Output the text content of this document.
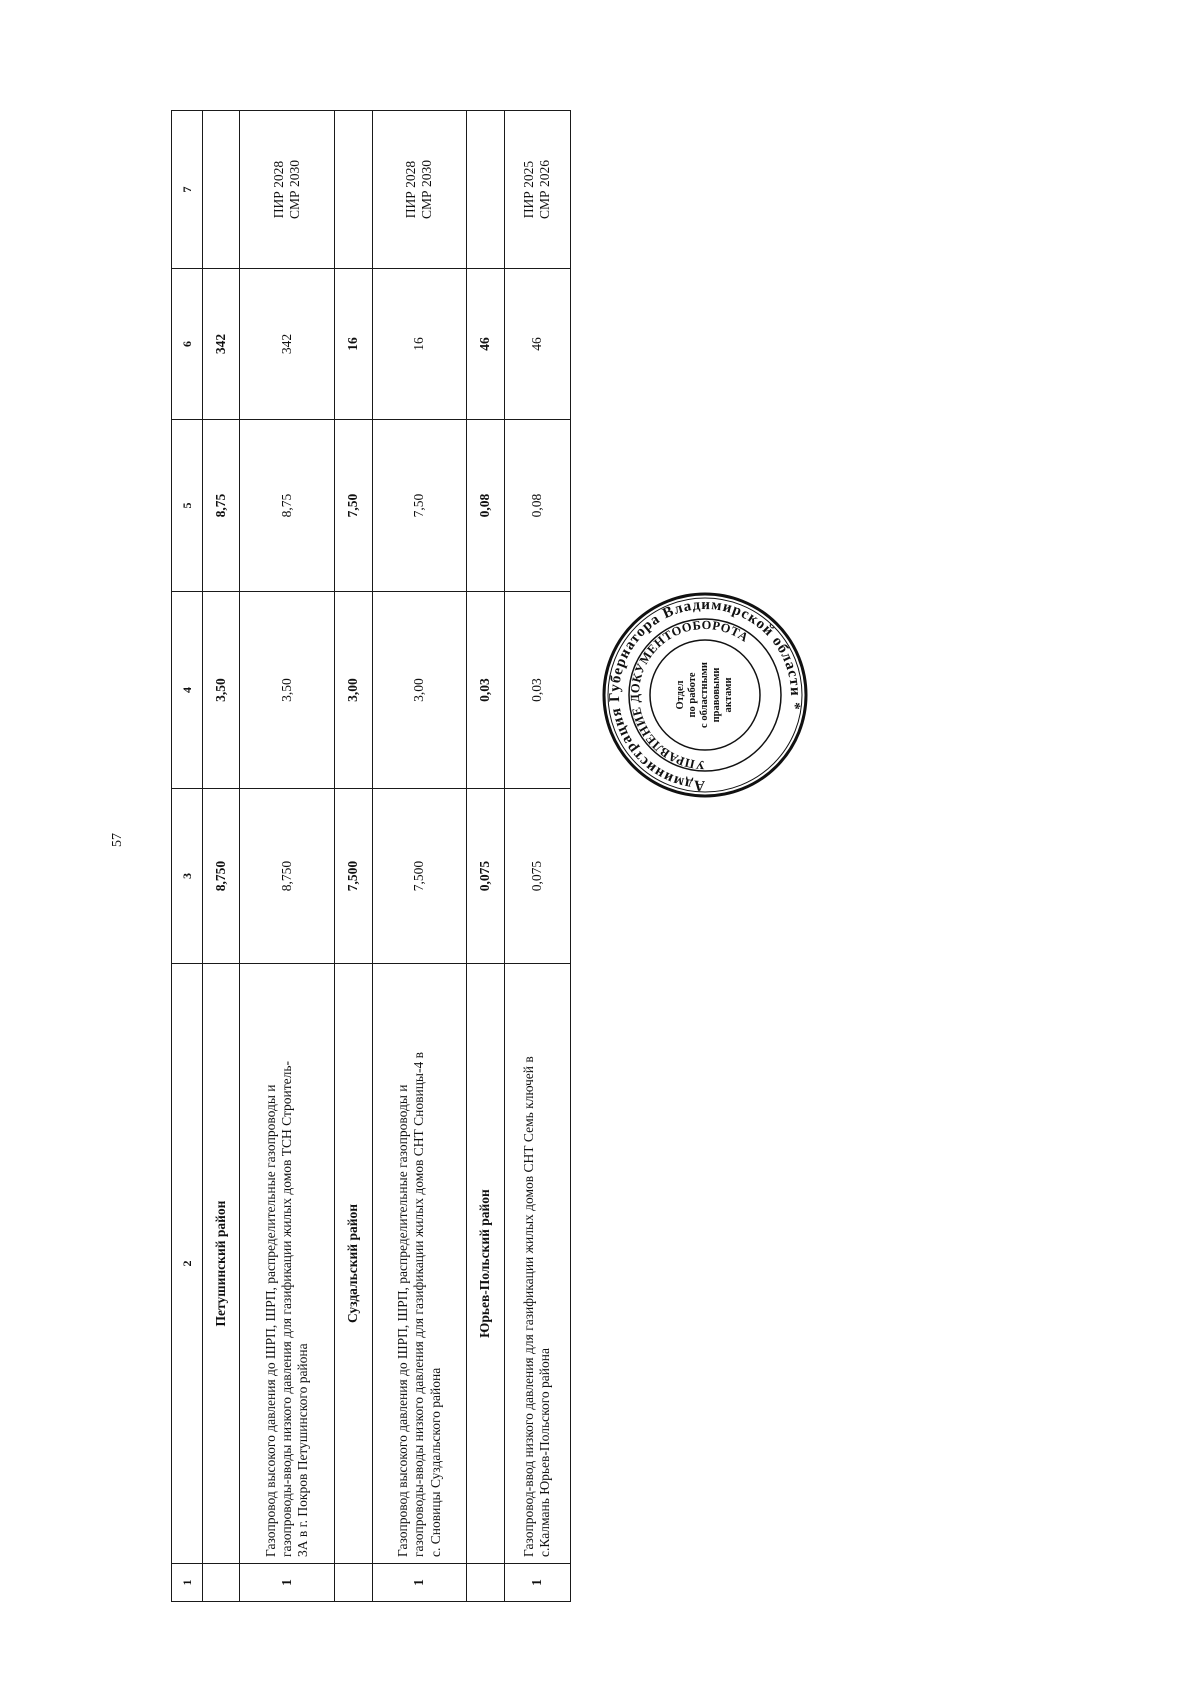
57
1	2	3	4	5	6	7

	Петушинский район	8,750	3,50	8,75	342	
1	Газопровод высокого давления до ШРП, ШРП, распределительные газопроводы и газопроводы-вводы низкого давления для газификации жилых домов ТСН Строитель- 3А в г. Покров Петушинского района	8,750	3,50	8,75	342	ПИР 2028 СМР 2030

	Суздальский район	7,500	3,00	7,50	16	
1	Газопровод высокого давления до ШРП, ШРП, распределительные газопроводы и газопроводы-вводы низкого давления для газификации жилых домов СНТ Сновицы-4 в с. Сновицы Суздальского района	7,500	3,00	7,50	16	ПИР 2028 СМР 2030

	Юрьев-Польский район	0,075	0,03	0,08	46	
1	Газопровод-ввод низкого давления для газификации жилых домов СНТ Семь ключей в с.Калмань Юрьев-Польского района	0,075	0,03	0,08	46	ПИР 2025 СМР 2026
Администрация Губернатора Владимирской области *
УПРАВЛЕНИЕ ДОКУМЕНТООБОРОТА
Отдел по работе с областными правовыми актами
